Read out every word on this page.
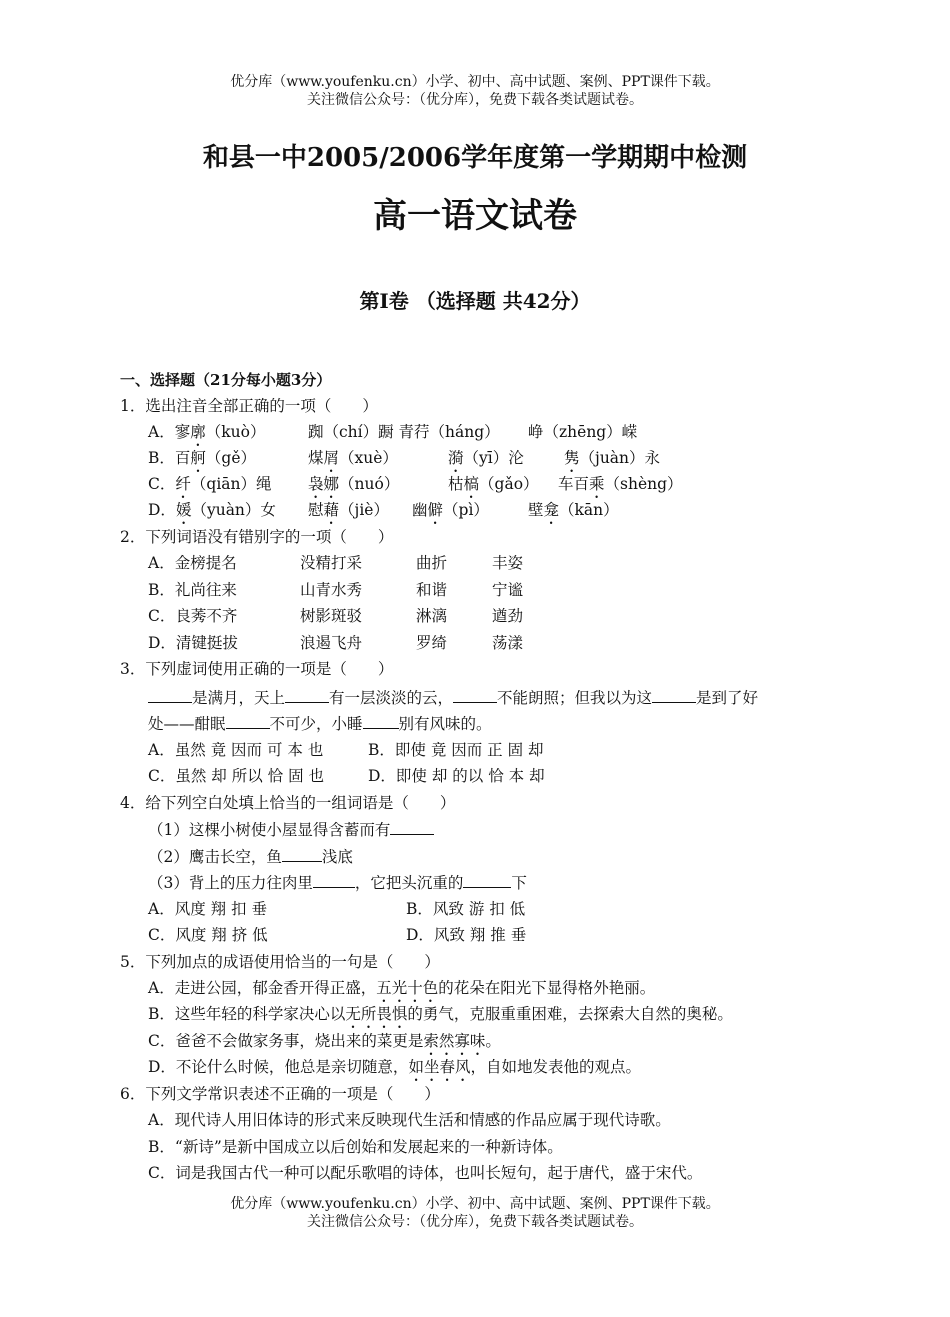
优分库（www.youfenku.cn）小学、初中、高中试题、案例、PPT课件下载。
关注微信公众号：（优分库），免费下载各类试题试卷。
和县一中2005/2006学年度第一学期期中检测
高一语文试卷
第I卷 （选择题 共42分）
一、选择题（21分每小题3分）
1．选出注音全部正确的一项（　　）
A．寥廓（kuò）	踟（chí）蹰 青荇（háng） 峥（zhēng）嵘
B．百舸（gě）	煤屑（xuè）	漪（yī）沦	隽（juàn）永
C．纤（qiān）绳 袅娜（nuó）	枯槁（gǎo） 车百乘（shèng）
D．媛（yuàn）女 慰藉（jiè） 幽僻（pì）	壁龛（kān）
2．下列词语没有错别字的一项（　　）
A．金榜提名	没精打采	曲折	丰姿
B．礼尚往来	山青水秀	和谐	宁谧
C．良莠不齐	树影斑驳	淋漓	遒劲
D．清键挺拔	浪遏飞舟	罗绮	荡漾
3．下列虚词使用正确的一项是（　　）
是满月，天上	有一层淡淡的云，	不能朗照；但我以为这	是到了好
处——酣眠	不可少，小睡 别有风味的。
A．虽然 竟 因而 可 本 也	B．即使 竟 因而 正 固 却
C．虽然 却 所以 恰 固 也	D．即使 却 的以 恰 本 却
4．给下列空白处填上恰当的一组词语是（　　）
（1）这棵小树使小屋显得含蓄而有
（2）鹰击长空，鱼	浅底
（3）背上的压力往肉里	，它把头沉重的	下
A．风度 翔 扣 垂	B．风致 游 扣 低
C．风度 翔 挤 低	D．风致 翔 推 垂
5．下列加点的成语使用恰当的一句是（　　）
A．走进公园，郁金香开得正盛，五光十色的花朵在阳光下显得格外艳丽。
B．这些年轻的科学家决心以无所畏惧的勇气，克服重重困难，去探索大自然的奥秘。
C．爸爸不会做家务事，烧出来的菜更是索然寡味。
D．不论什么时候，他总是亲切随意，如坐春风，自如地发表他的观点。
6．下列文学常识表述不正确的一项是（　　）
A．现代诗人用旧体诗的形式来反映现代生活和情感的作品应属于现代诗歌。
B．“新诗”是新中国成立以后创始和发展起来的一种新诗体。
C．词是我国古代一种可以配乐歌唱的诗体，也叫长短句，起于唐代，盛于宋代。
优分库（www.youfenku.cn）小学、初中、高中试题、案例、PPT课件下载。
关注微信公众号：（优分库），免费下载各类试题试卷。
